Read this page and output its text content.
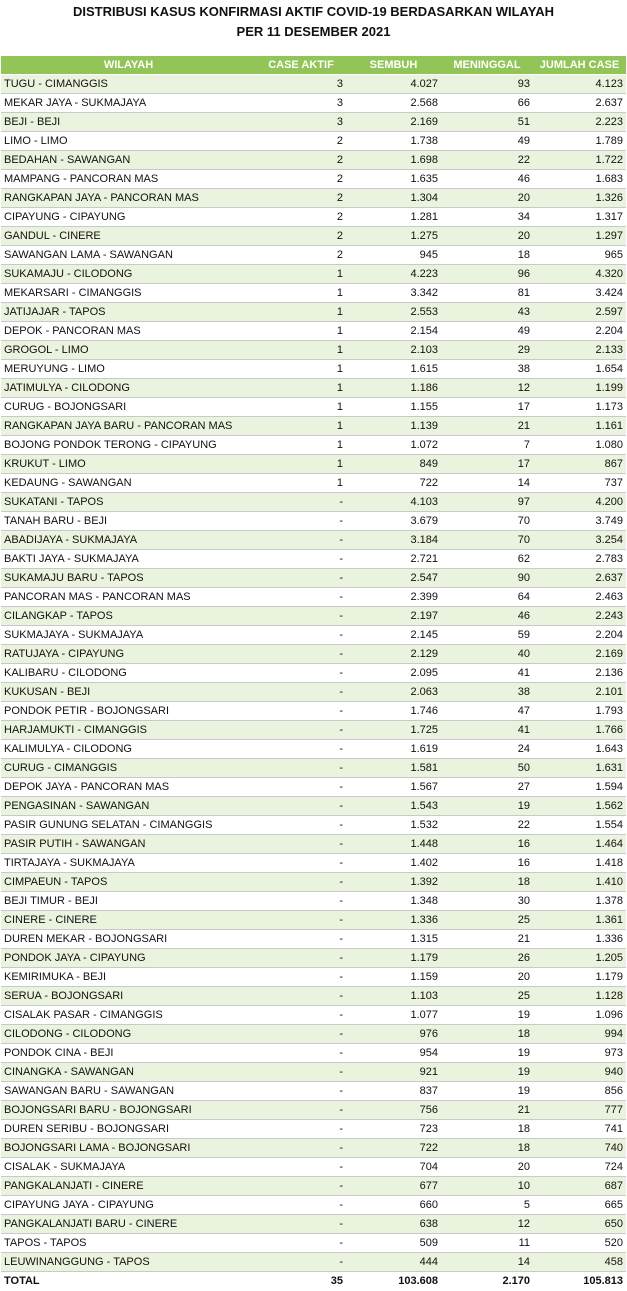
DISTRIBUSI KASUS KONFIRMASI AKTIF COVID-19 BERDASARKAN WILAYAH
PER 11 DESEMBER 2021
WILAYAH	CASE AKTIF	SEMBUH	MENINGGAL	JUMLAH CASE
TUGU - CIMANGGIS	3	4.027	93	4.123
MEKAR JAYA - SUKMAJAYA	3	2.568	66	2.637
BEJI - BEJI	3	2.169	51	2.223
LIMO - LIMO	2	1.738	49	1.789
BEDAHAN - SAWANGAN	2	1.698	22	1.722
MAMPANG - PANCORAN MAS	2	1.635	46	1.683
RANGKAPAN JAYA - PANCORAN MAS	2	1.304	20	1.326
CIPAYUNG - CIPAYUNG	2	1.281	34	1.317
GANDUL - CINERE	2	1.275	20	1.297
SAWANGAN LAMA - SAWANGAN	2	945	18	965
SUKAMAJU - CILODONG	1	4.223	96	4.320
MEKARSARI - CIMANGGIS	1	3.342	81	3.424
JATIJAJAR - TAPOS	1	2.553	43	2.597
DEPOK - PANCORAN MAS	1	2.154	49	2.204
GROGOL - LIMO	1	2.103	29	2.133
MERUYUNG - LIMO	1	1.615	38	1.654
JATIMULYA - CILODONG	1	1.186	12	1.199
CURUG - BOJONGSARI	1	1.155	17	1.173
RANGKAPAN JAYA BARU - PANCORAN MAS	1	1.139	21	1.161
BOJONG PONDOK TERONG - CIPAYUNG	1	1.072	7	1.080
KRUKUT - LIMO	1	849	17	867
KEDAUNG - SAWANGAN	1	722	14	737
SUKATANI - TAPOS	-	4.103	97	4.200
TANAH BARU - BEJI	-	3.679	70	3.749
ABADIJAYA - SUKMAJAYA	-	3.184	70	3.254
BAKTI JAYA - SUKMAJAYA	-	2.721	62	2.783
SUKAMAJU BARU - TAPOS	-	2.547	90	2.637
PANCORAN MAS - PANCORAN MAS	-	2.399	64	2.463
CILANGKAP - TAPOS	-	2.197	46	2.243
SUKMAJAYA - SUKMAJAYA	-	2.145	59	2.204
RATUJAYA - CIPAYUNG	-	2.129	40	2.169
KALIBARU - CILODONG	-	2.095	41	2.136
KUKUSAN - BEJI	-	2.063	38	2.101
PONDOK PETIR - BOJONGSARI	-	1.746	47	1.793
HARJAMUKTI - CIMANGGIS	-	1.725	41	1.766
KALIMULYA - CILODONG	-	1.619	24	1.643
CURUG - CIMANGGIS	-	1.581	50	1.631
DEPOK JAYA - PANCORAN MAS	-	1.567	27	1.594
PENGASINAN - SAWANGAN	-	1.543	19	1.562
PASIR GUNUNG SELATAN - CIMANGGIS	-	1.532	22	1.554
PASIR PUTIH - SAWANGAN	-	1.448	16	1.464
TIRTAJAYA - SUKMAJAYA	-	1.402	16	1.418
CIMPAEUN - TAPOS	-	1.392	18	1.410
BEJI TIMUR - BEJI	-	1.348	30	1.378
CINERE - CINERE	-	1.336	25	1.361
DUREN MEKAR - BOJONGSARI	-	1.315	21	1.336
PONDOK JAYA - CIPAYUNG	-	1.179	26	1.205
KEMIRIMUKA - BEJI	-	1.159	20	1.179
SERUA - BOJONGSARI	-	1.103	25	1.128
CISALAK PASAR - CIMANGGIS	-	1.077	19	1.096
CILODONG - CILODONG	-	976	18	994
PONDOK CINA - BEJI	-	954	19	973
CINANGKA - SAWANGAN	-	921	19	940
SAWANGAN BARU - SAWANGAN	-	837	19	856
BOJONGSARI BARU - BOJONGSARI	-	756	21	777
DUREN SERIBU - BOJONGSARI	-	723	18	741
BOJONGSARI LAMA - BOJONGSARI	-	722	18	740
CISALAK - SUKMAJAYA	-	704	20	724
PANGKALANJATI - CINERE	-	677	10	687
CIPAYUNG JAYA - CIPAYUNG	-	660	5	665
PANGKALANJATI BARU - CINERE	-	638	12	650
TAPOS - TAPOS	-	509	11	520
LEUWINANGGUNG - TAPOS	-	444	14	458
TOTAL	35	103.608	2.170	105.813
